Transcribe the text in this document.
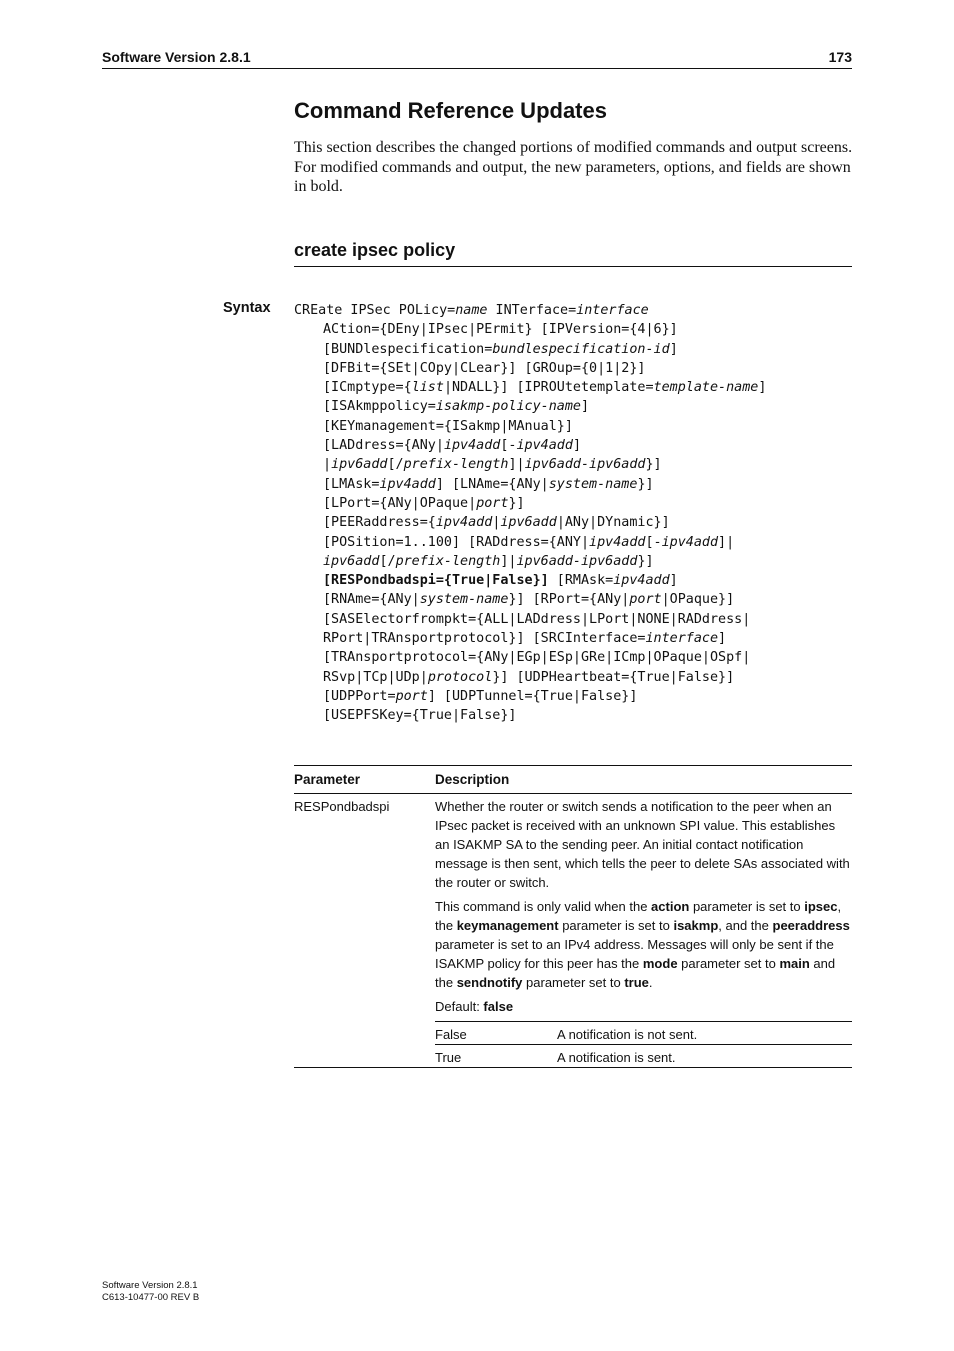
Software Version 2.8.1	173
Command Reference Updates

This section describes the changed portions of modified commands and output screens. For modified commands and output, the new parameters, options, and fields are shown in bold.

create ipsec policy
Syntax CREate IPSec POLicy=name INTerface=interface
ACtion={DEny|IPsec|PErmit} [IPVersion={4|6}]
[BUNDlespecification=bundlespecification-id]
[DFBit={SEt|COpy|CLear}] [GROup={0|1|2}]
[ICmptype={list|NDALL}] [IPROUtetemplate=template-name]
[ISAkmppolicy=isakmp-policy-name]
[KEYmanagement={ISakmp|MAnual}]
[LADdress={ANy|ipv4add[-ipv4add]
|ipv6add[/prefix-length]|ipv6add-ipv6add}]
[LMAsk=ipv4add] [LNAme={ANy|system-name}]
[LPort={ANy|OPaque|port}]
[PEERaddress={ipv4add|ipv6add|ANy|DYnamic}]
[POSition=1..100] [RADdress={ANY|ipv4add[-ipv4add]|
ipv6add[/prefix-length]|ipv6add-ipv6add}]
[RESPondbadspi={True|False}] [RMAsk=ipv4add]
[RNAme={ANy|system-name}] [RPort={ANy|port|OPaque}]
[SASElectorfrompkt={ALL|LADdress|LPort|NONE|RADdress|
RPort|TRAnsportprotocol}] [SRCInterface=interface]
[TRAnsportprotocol={ANy|EGp|ESp|GRe|ICmp|OPaque|OSpf|
RSvp|TCp|UDp|protocol}] [UDPHeartbeat={True|False}]
[UDPPort=port] [UDPTunnel={True|False}]
[USEPFSKey={True|False}]
Parameter	Description
RESPondbadspi	Whether the router or switch sends a notification to the peer when an IPsec packet is received with an unknown SPI value. This establishes an ISAKMP SA to the sending peer. An initial contact notification message is then sent, which tells the peer to delete SAs associated with the router or switch.

This command is only valid when the action parameter is set to ipsec, the keymanagement parameter is set to isakmp, and the peeraddress parameter is set to an IPv4 address. Messages will only be sent if the ISAKMP policy for this peer has the mode parameter set to main and the sendnotify parameter set to true.

Default: false

False	A notification is not sent.
True	A notification is sent.
Software Version 2.8.1
C613-10477-00 REV B
